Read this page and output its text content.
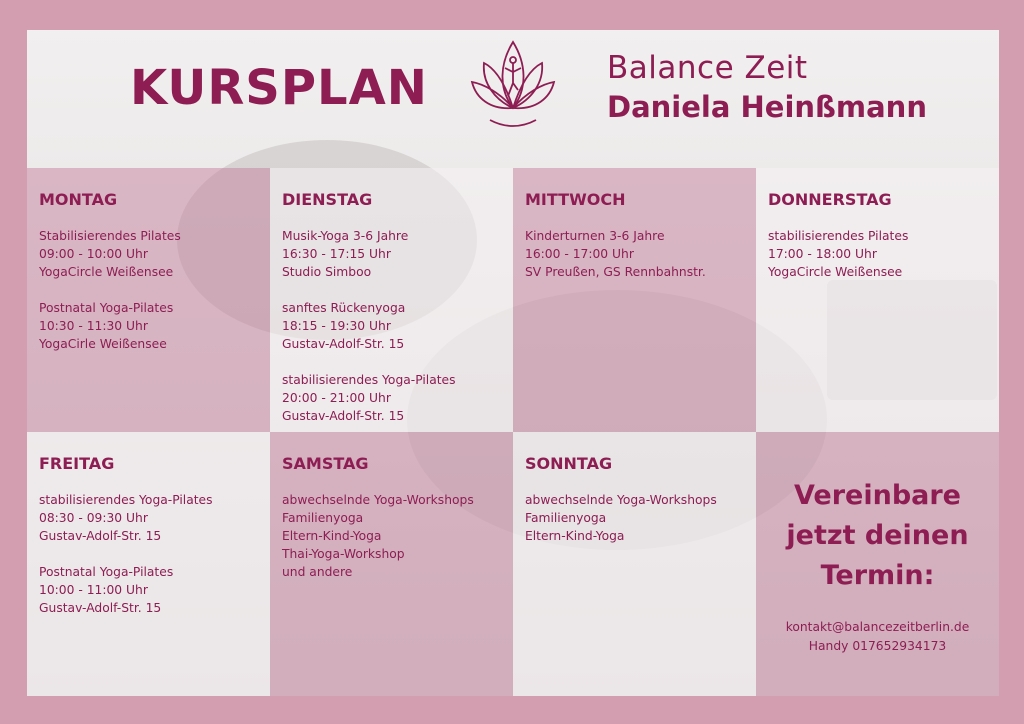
KURSPLAN	Balance Zeit
Daniela Heinßmann
MONTAG
Stabilisierendes Pilates
09:00 - 10:00 Uhr
YogaCircle Weißensee
Postnatal Yoga-Pilates
10:30 - 11:30 Uhr
YogaCirle Weißensee
DIENSTAG
Musik-Yoga 3-6 Jahre
16:30 - 17:15 Uhr
Studio Simboo
sanftes Rückenyoga
18:15 - 19:30 Uhr
Gustav-Adolf-Str. 15
stabilisierendes Yoga-Pilates
20:00 - 21:00 Uhr
Gustav-Adolf-Str. 15
MITTWOCH
Kinderturnen 3-6 Jahre
16:00 - 17:00 Uhr
SV Preußen, GS Rennbahnstr.
DONNERSTAG
stabilisierendes Pilates
17:00 - 18:00 Uhr
YogaCircle Weißensee
FREITAG
stabilisierendes Yoga-Pilates
08:30 - 09:30 Uhr
Gustav-Adolf-Str. 15
Postnatal Yoga-Pilates
10:00 - 11:00 Uhr
Gustav-Adolf-Str. 15
SAMSTAG
abwechselnde Yoga-Workshops
Familienyoga
Eltern-Kind-Yoga
Thai-Yoga-Workshop
und andere
SONNTAG
abwechselnde Yoga-Workshops
Familienyoga
Eltern-Kind-Yoga
Vereinbare
jetzt deinen
Termin:
kontakt@balancezeitberlin.de
Handy 017652934173
